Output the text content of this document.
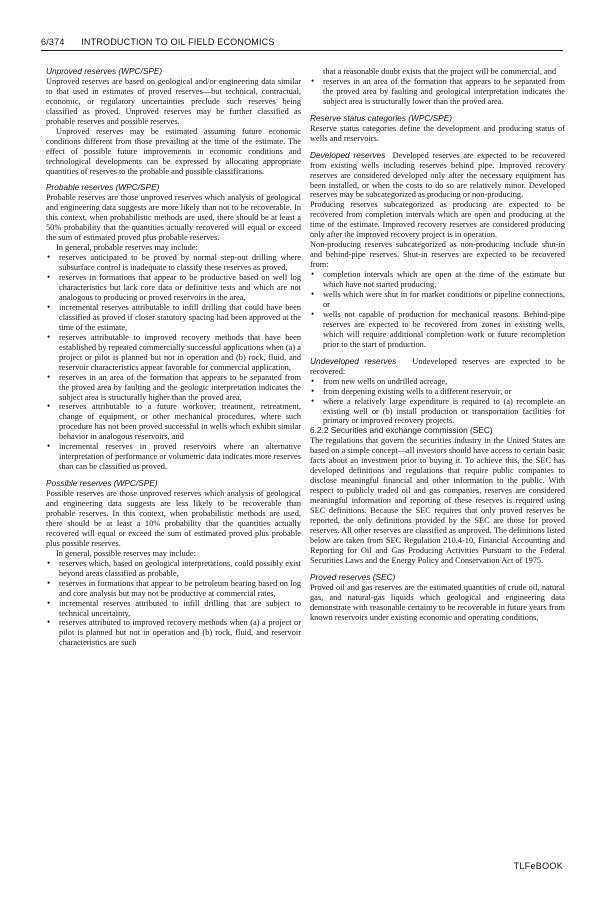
6/374 INTRODUCTION TO OIL FIELD ECONOMICS

Unproved reserves (WPC/SPE)

Unproved reserves are based on geological and/or engineering data similar to that used in estimates of proved reserves—but technical, contractual, economic, or regulatory uncertainties preclude such reserves being classified as proved. Unproved reserves may be further classified as probable reserves and possible reserves.

Unproved reserves may be estimated assuming future economic conditions different from those prevailing at the time of the estimate. The effect of possible future improvements in economic conditions and technological developments can be expressed by allocating appropriate quantities of reserves to the probable and possible classifications.

Probable reserves (WPC/SPE)

Probable reserves are those unproved reserves which analysis of geological and engineering data suggests are more likely than not to be recoverable. In this context, when probabilistic methods are used, there should be at least a 50% probability that the quantities actually recovered will equal or exceed the sum of estimated proved plus probable reserves.

In general, probable reserves may include:

• reserves anticipated to be proved by normal step-out drilling where subsurface control is inadequate to classify these reserves as proved,
• reserves in formations that appear to be productive based on well log characteristics but lack core data or definitive tests and which are not analogous to producing or proved reservoirs in the area,
• incremental reserves attributable to infill drilling that could have been classified as proved if closer statutory spacing had been approved at the time of the estimate,
• reserves attributable to improved recovery methods that have been established by repeated commercially successful applications when (a) a project or pilot is planned but not in operation and (b) rock, fluid, and reservoir characteristics appear favorable for commercial application,
• reserves in an area of the formation that appears to be separated from the proved area by faulting and the geologic interpretation indicates the subject area is structurally higher than the proved area,
• reserves attributable to a future workover, treatment, retreatment, change of equipment, or other mechanical procedures, where such procedure has not been proved successful in wells which exhibit similar behavior in analogous reservoirs, and
• incremental reserves in proved reservoirs where an alternative interpretation of performance or volumetric data indicates more reserves than can be classified as proved.

Possible reserves (WPC/SPE)

Possible reserves are those unproved reserves which analysis of geological and engineering data suggests are less likely to be recoverable than probable reserves. In this context, when probabilistic methods are used, there should be at least a 10% probability that the quantities actually recovered will equal or exceed the sum of estimated proved plus probable plus possible reserves.

In general, possible reserves may include:

• reserves which, based on geological interpretations, could possibly exist beyond areas classified as probable,
• reserves in formations that appear to be petroleum bearing based on log and core analysis but may not be productive at commercial rates,
• incremental reserves attributed to infill drilling that are subject to technical uncertainty,
• reserves attributed to improved recovery methods when (a) a project or pilot is planned but not in operation and (b) rock, fluid, and reservoir characteristics are such
that a reasonable doubt exists that the project will be commercial, and
• reserves in an area of the formation that appears to be separated from the proved area by faulting and geological interpretation indicates the subject area is structurally lower than the proved area.

Reserve status categories (WPC/SPE)

Reserve status categories define the development and producing status of wells and reservoirs.

Developed reserves Developed reserves are expected to be recovered from existing wells including reserves behind pipe. Improved recovery reserves are considered developed only after the necessary equipment has been installed, or when the costs to do so are relatively minor. Developed reserves may be subcategorized as producing or non-producing.

Producing reserves subcategorized as producing are expected to be recovered from completion intervals which are open and producing at the time of the estimate. Improved recovery reserves are considered producing only after the improved recovery project is in operation.

Non-producing reserves subcategorized as non-producing include shut-in and behind-pipe reserves. Shut-in reserves are expected to be recovered from:

• completion intervals which are open at the time of the estimate but which have not started producing,
• wells which were shut in for market conditions or pipeline connections, or
• wells not capable of production for mechanical reasons. Behind-pipe reserves are expected to be recovered from zones in existing wells, which will require additional completion work or future recompletion prior to the start of production.

Undeveloped reserves Undeveloped reserves are expected to be recovered:

• from new wells on undrilled acreage,
• from deepening existing wells to a different reservoir, or
• where a relatively large expenditure is required to (a) recomplete an existing well or (b) install production or transportation facilities for primary or improved recovery projects.

6.2.2 Securities and exchange commission (SEC)

The regulations that govern the securities industry in the United States are based on a simple concept—all investors should have access to certain basic facts about an investment prior to buying it. To achieve this, the SEC has developed definitions and regulations that require public companies to disclose meaningful financial and other information to the public. With respect to publicly traded oil and gas companies, reserves are considered meaningful information and reporting of these reserves is required using SEC definitions. Because the SEC requires that only proved reserves be reported, the only definitions provided by the SEC are those for proved reserves. All other reserves are classified as unproved. The definitions listed below are taken from SEC Regulation 210.4-10, Financial Accounting and Reporting for Oil and Gas Producing Activities Pursuant to the Federal Securities Laws and the Energy Policy and Conservation Act of 1975.

Proved reserves (SEC)

Proved oil and gas reserves are the estimated quantities of crude oil, natural gas, and natural-gas liquids which geological and engineering data demonstrate with reasonable certainty to be recoverable in future years from known reservoirs under existing economic and operating conditions,

TLFeBOOK
